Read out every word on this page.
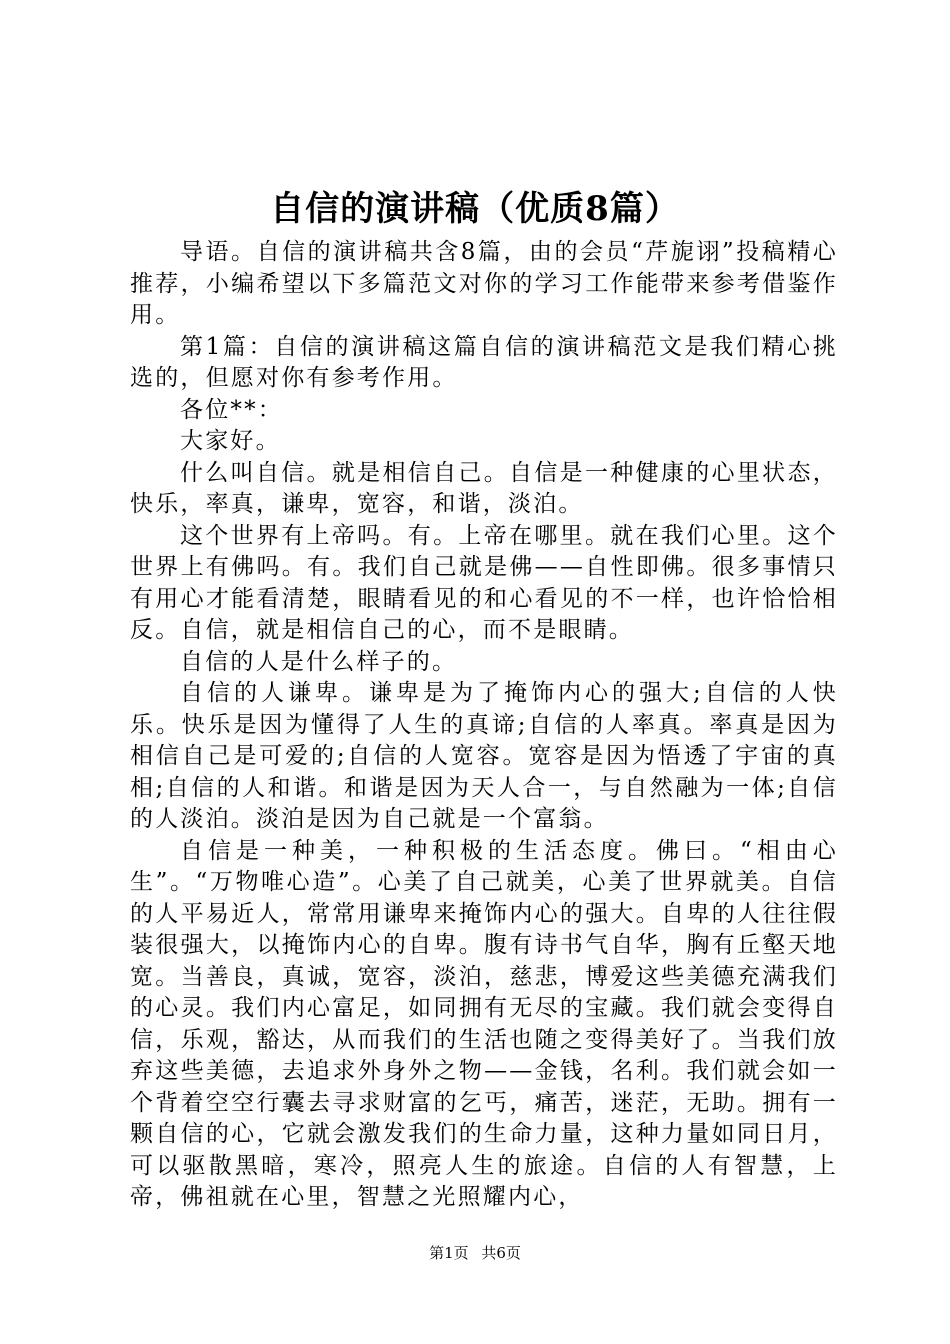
自信的演讲稿（优质8篇）

导语。自信的演讲稿共含8篇，由的会员“芹旎诩”投稿精心推荐，小编希望以下多篇范文对你的学习工作能带来参考借鉴作用。

第1篇：自信的演讲稿这篇自信的演讲稿范文是我们精心挑选的，但愿对你有参考作用。

各位**：

大家好。

什么叫自信。就是相信自己。自信是一种健康的心里状态，快乐，率真，谦卑，宽容，和谐，淡泊。

这个世界有上帝吗。有。上帝在哪里。就在我们心里。这个世界上有佛吗。有。我们自己就是佛——自性即佛。很多事情只有用心才能看清楚，眼睛看见的和心看见的不一样，也许恰恰相反。自信，就是相信自己的心，而不是眼睛。

自信的人是什么样子的。

自信的人谦卑。谦卑是为了掩饰内心的强大;自信的人快乐。快乐是因为懂得了人生的真谛;自信的人率真。率真是因为相信自己是可爱的;自信的人宽容。宽容是因为悟透了宇宙的真相;自信的人和谐。和谐是因为天人合一，与自然融为一体;自信的人淡泊。淡泊是因为自己就是一个富翁。

自信是一种美，一种积极的生活态度。佛曰。“相由心生”。“万物唯心造”。心美了自己就美，心美了世界就美。自信的人平易近人，常常用谦卑来掩饰内心的强大。自卑的人往往假装很强大，以掩饰内心的自卑。腹有诗书气自华，胸有丘壑天地宽。当善良，真诚，宽容，淡泊，慈悲，博爱这些美德充满我们的心灵。我们内心富足，如同拥有无尽的宝藏。我们就会变得自信，乐观，豁达，从而我们的生活也随之变得美好了。当我们放弃这些美德，去追求外身外之物——金钱，名利。我们就会如一个背着空空行囊去寻求财富的乞丐，痛苦，迷茫，无助。拥有一颗自信的心，它就会激发我们的生命力量，这种力量如同日月，可以驱散黑暗，寒冷，照亮人生的旅途。自信的人有智慧，上帝，佛祖就在心里，智慧之光照耀内心，

第1页 共6页
